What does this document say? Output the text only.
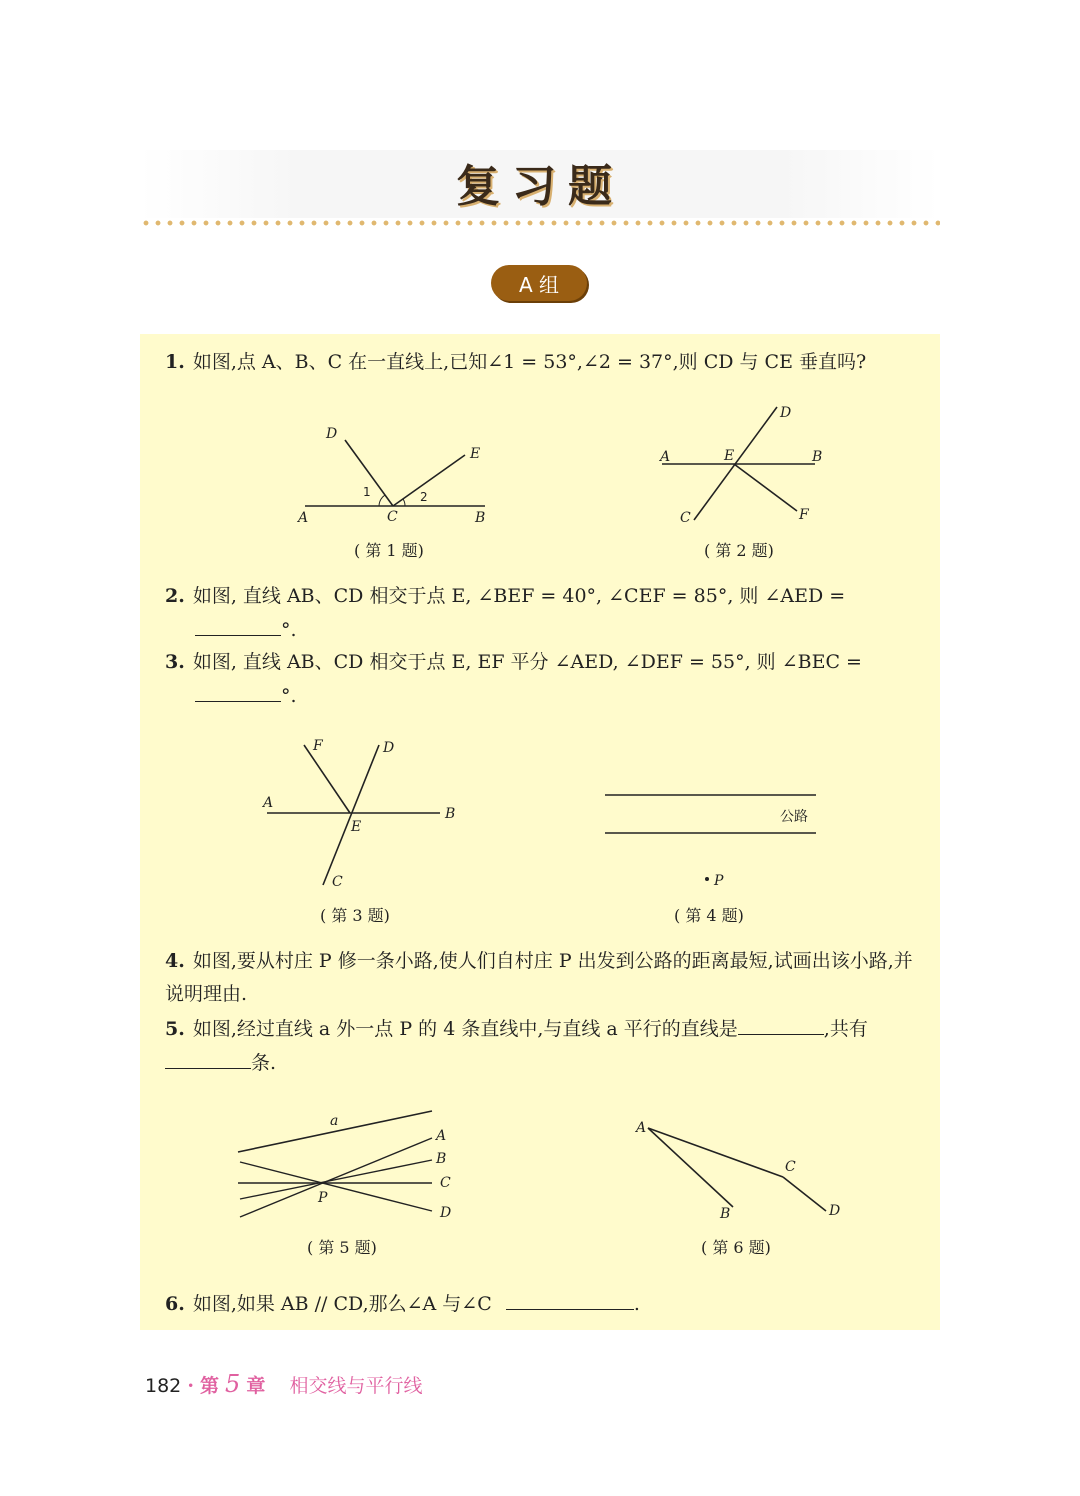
复习题
A 组
1. 如图,点 A、B、C 在一直线上,已知∠1 = 53°,∠2 = 37°,则 CD 与 CE 垂直吗?
D
E
A	C	B
1	2
( 第 1 题)
A	E	B
D
C	F
( 第 2 题)
2. 如图, 直线 AB、CD 相交于点 E, ∠BEF = 40°, ∠CEF = 85°, 则 ∠AED = °.
3. 如图, 直线 AB、CD 相交于点 E, EF 平分 ∠AED, ∠DEF = 55°, 则 ∠BEC = °.
A
B
E
F	D
C
( 第 3 题)
公路
P
( 第 4 题)
4. 如图,要从村庄 P 修一条小路,使人们自村庄 P 出发到公路的距离最短,试画出该小路,并说明理由.
5. 如图,经过直线 a 外一点 P 的 4 条直线中,与直线 a 平行的直线是	,共有条.
a
A
B
C
D
P
( 第 5 题)
A
B
C
D
( 第 6 题)
6. 如图,如果 AB // CD,那么∠A 与∠C	.
182 · 第 5 章 相交线与平行线
